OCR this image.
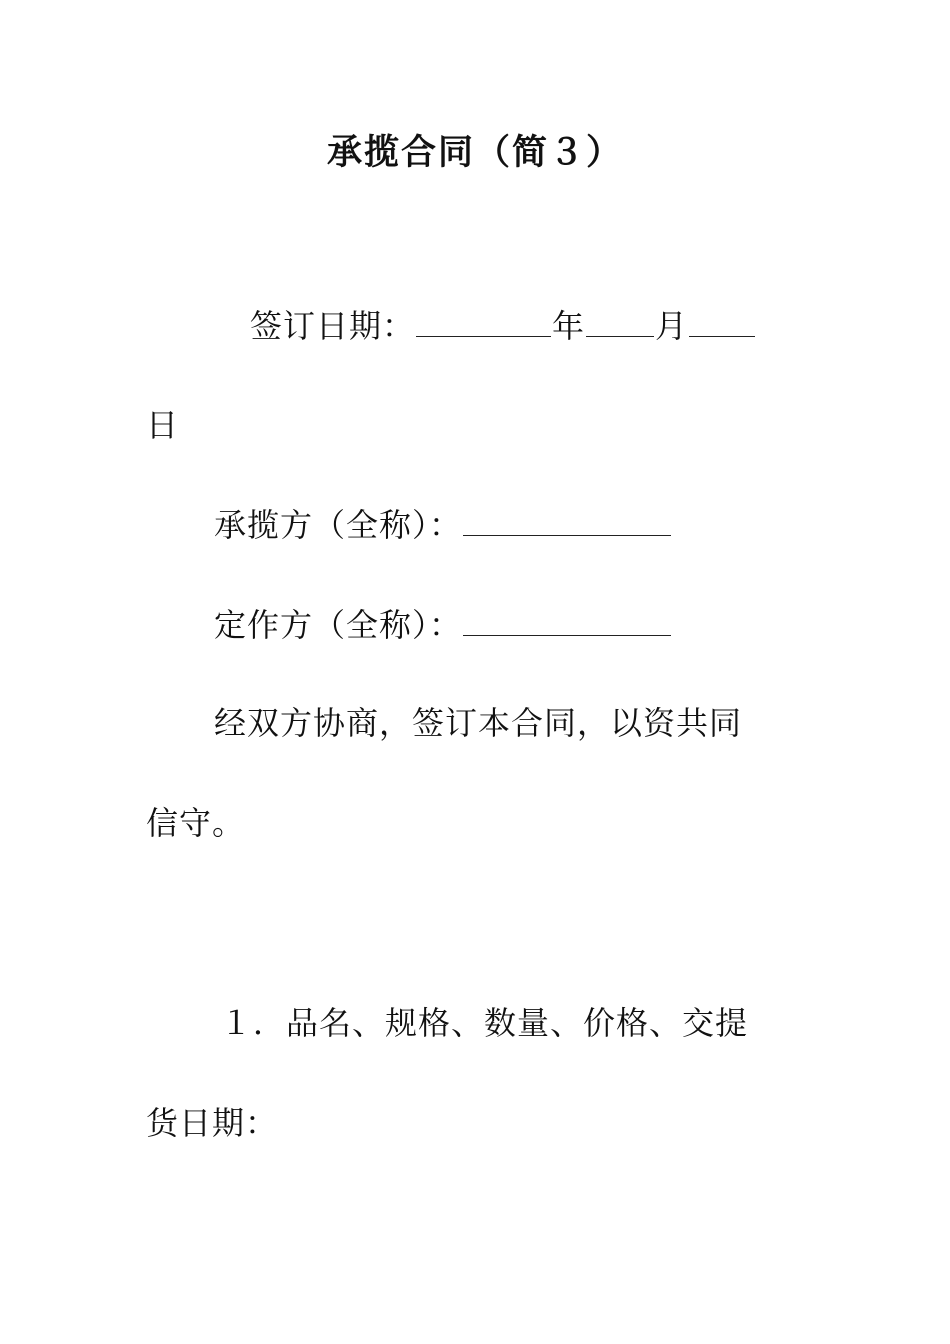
承揽合同（简３）
签订日期：	年 月
日
承揽方（全称）：
定作方（全称）：
经双方协商，签订本合同，以资共同
信守。
１．品名、规格、数量、价格、交提
货日期：
